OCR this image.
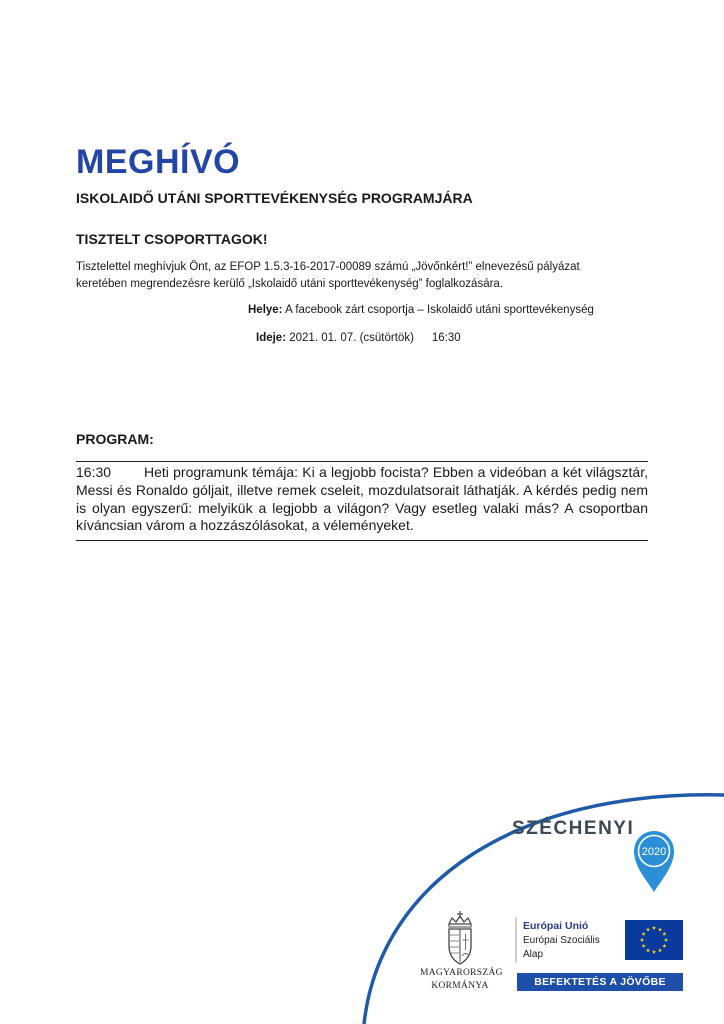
MEGHÍVÓ
ISKOLAIDŐ UTÁNI SPORTTEVÉKENYSÉG PROGRAMJÁRA
TISZTELT CSOPORTTAGOK!
Tisztelettel meghívjuk Önt, az EFOP 1.5.3-16-2017-00089 számú „Jövőnkért!” elnevezésű pályázat
keretében megrendezésre kerülő „Iskolaidő utáni sporttevékenység” foglalkozására.
Helye: A facebook zárt csoportja – Iskolaidő utáni sporttevékenység
Ideje: 2021. 01. 07. (csütörtök) 16:30
PROGRAM:
16:30 Heti programunk témája: Ki a legjobb focista? Ebben a videóban a két világsztár, Messi és Ronaldo góljait, illetve remek cseleit, mozdulatsorait láthatják. A kérdés pedig nem is olyan egyszerű: melyikük a legjobb a világon? Vagy esetleg valaki más? A csoportban kíváncsian várom a hozzászólásokat, a véleményeket.
SZÉCHENYI
2020
MAGYARORSZÁG
KORMÁNYA
Európai Unió
Európai Szociális
Alap
BEFEKTETÉS A JÖVŐBE
